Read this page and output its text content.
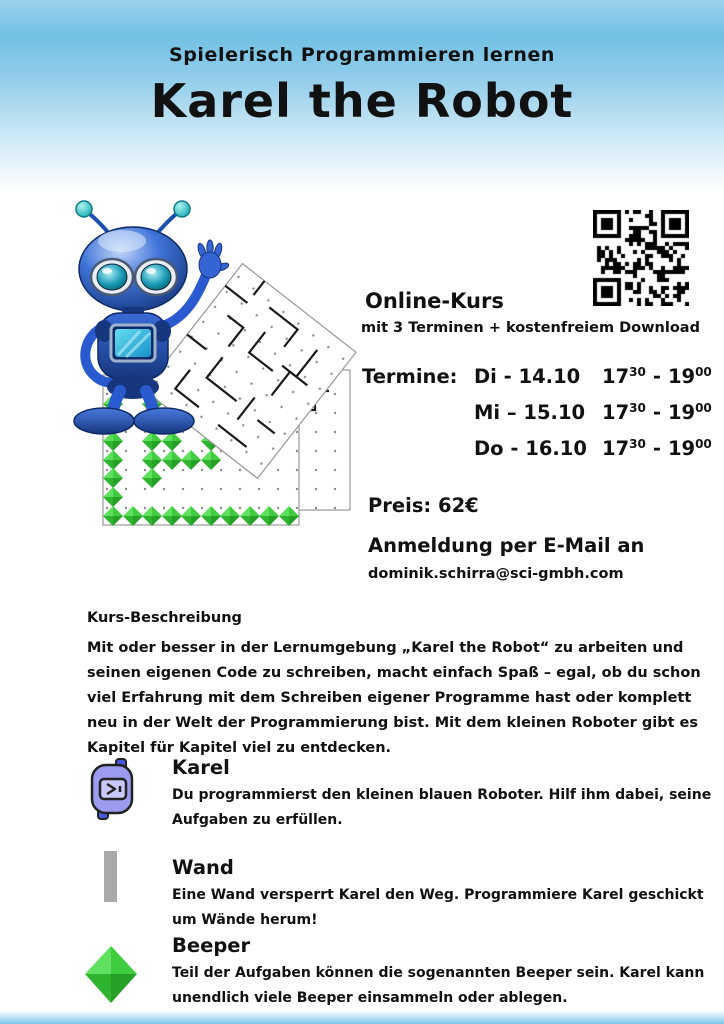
Spielerisch Programmieren lernen
Karel the Robot
Online-Kurs
mit 3 Terminen + kostenfreiem Download
Termine: Di - 14.10	$17^{30} - 19^{00}$
Mi – 15.10 $17^{30} - 19^{00}$
Do - 16.10 $17^{30} - 19^{00}$
Preis: 62€
Anmeldung per E-Mail an
dominik.schirra@sci-gmbh.com
Kurs-Beschreibung
Mit oder besser in der Lernumgebung „Karel the Robot“ zu arbeiten und seinen eigenen Code zu schreiben, macht einfach Spaß – egal, ob du schon viel Erfahrung mit dem Schreiben eigener Programme hast oder komplett neu in der Welt der Programmierung bist. Mit dem kleinen Roboter gibt es Kapitel für Kapitel viel zu entdecken.
Karel

Du programmierst den kleinen blauen Roboter. Hilf ihm dabei, seine Aufgaben zu erfüllen.

Wand

Eine Wand versperrt Karel den Weg. Programmiere Karel geschickt um Wände herum!

Beeper

Teil der Aufgaben können die sogenannten Beeper sein. Karel kann unendlich viele Beeper einsammeln oder ablegen.
